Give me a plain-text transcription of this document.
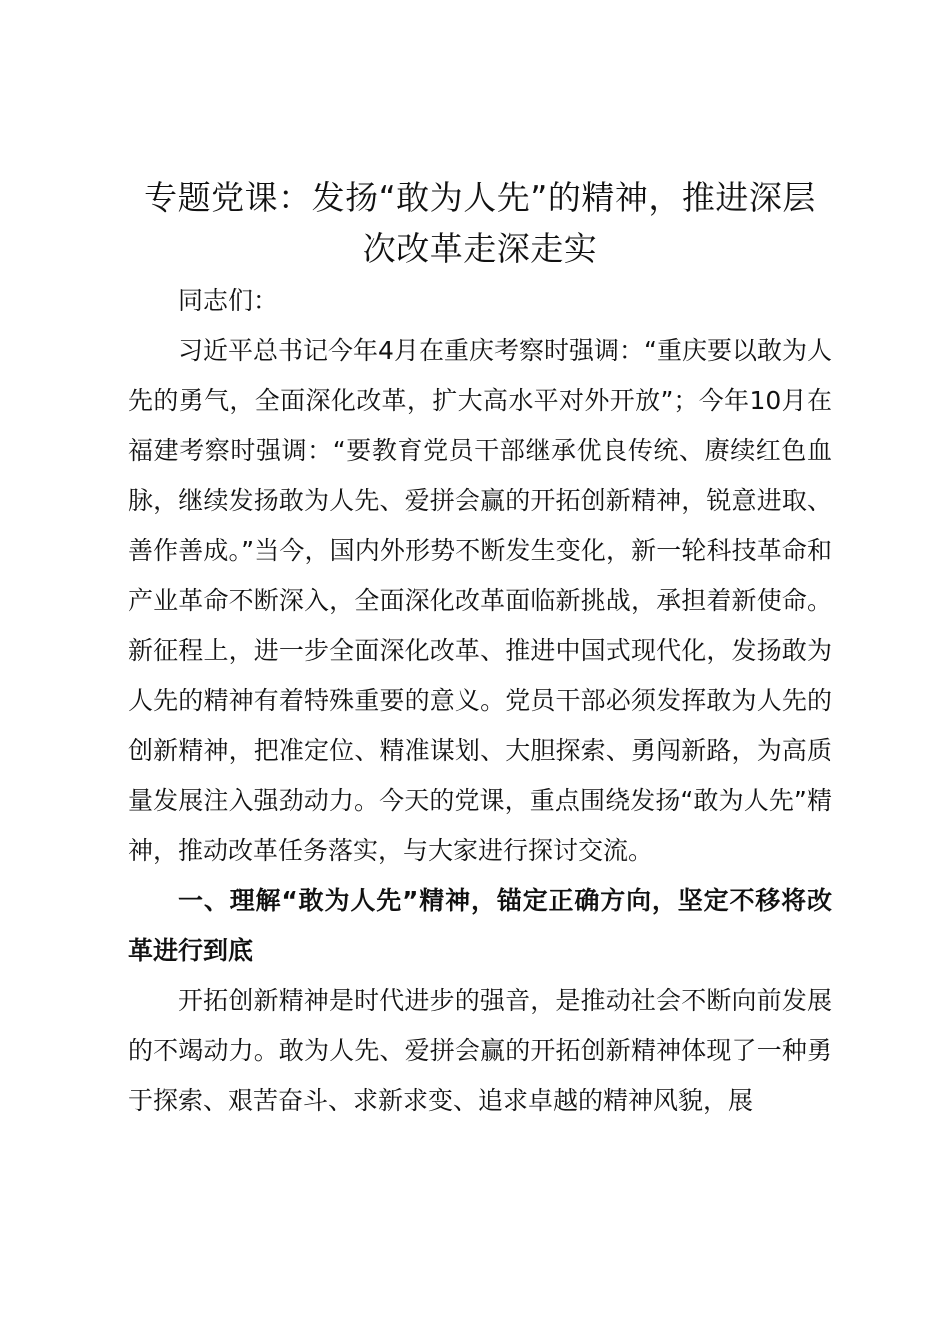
专题党课：发扬“敢为人先”的精神，推进深层次改革走深走实

同志们：

习近平总书记今年4月在重庆考察时强调：“重庆要以敢为人先的勇气，全面深化改革，扩大高水平对外开放”；今年10月在福建考察时强调：“要教育党员干部继承优良传统、赓续红色血脉，继续发扬敢为人先、爱拼会赢的开拓创新精神，锐意进取、善作善成。”当今，国内外形势不断发生变化，新一轮科技革命和产业革命不断深入，全面深化改革面临新挑战，承担着新使命。新征程上，进一步全面深化改革、推进中国式现代化，发扬敢为人先的精神有着特殊重要的意义。党员干部必须发挥敢为人先的创新精神，把准定位、精准谋划、大胆探索、勇闯新路，为高质量发展注入强劲动力。今天的党课，重点围绕发扬“敢为人先”精神，推动改革任务落实，与大家进行探讨交流。

一、理解“敢为人先”精神，锚定正确方向，坚定不移将改革进行到底

开拓创新精神是时代进步的强音，是推动社会不断向前发展的不竭动力。敢为人先、爱拼会赢的开拓创新精神体现了一种勇于探索、艰苦奋斗、求新求变、追求卓越的精神风貌，展
